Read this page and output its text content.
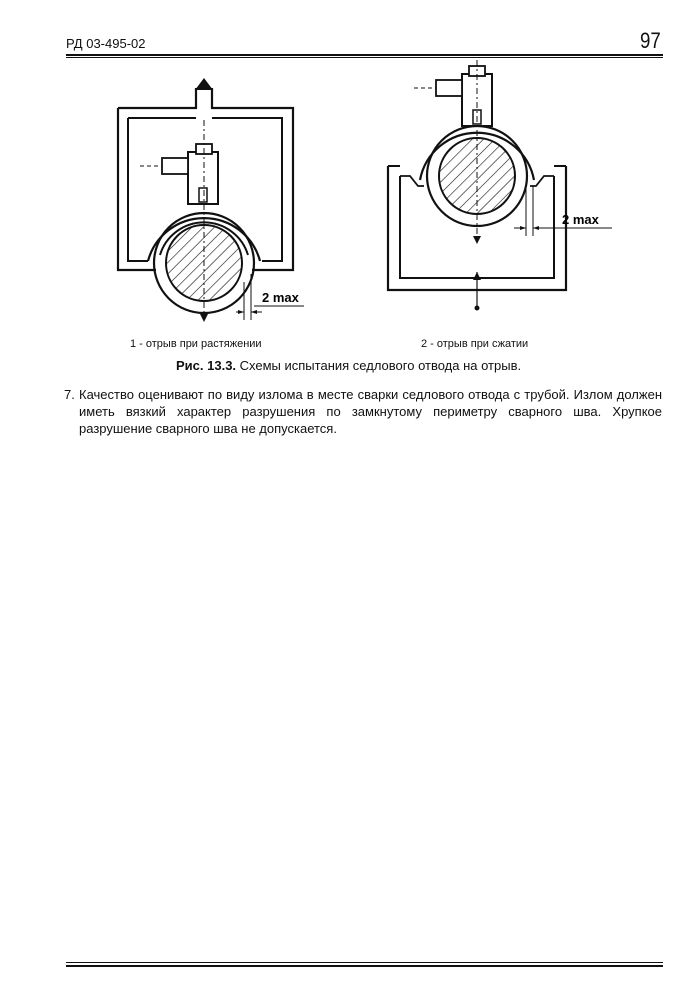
РД 03-495-02	97
2 max
2 max
1 - отрыв при растяжении	2 - отрыв при сжатии
Рис. 13.3. Схемы испытания седлового отвода на отрыв.
7. Качество оценивают по виду излома в месте сварки седлового отвода с трубой. Излом должен иметь вязкий характер разрушения по замкнутому периметру сварного шва. Хрупкое разрушение сварного шва не допускается.
